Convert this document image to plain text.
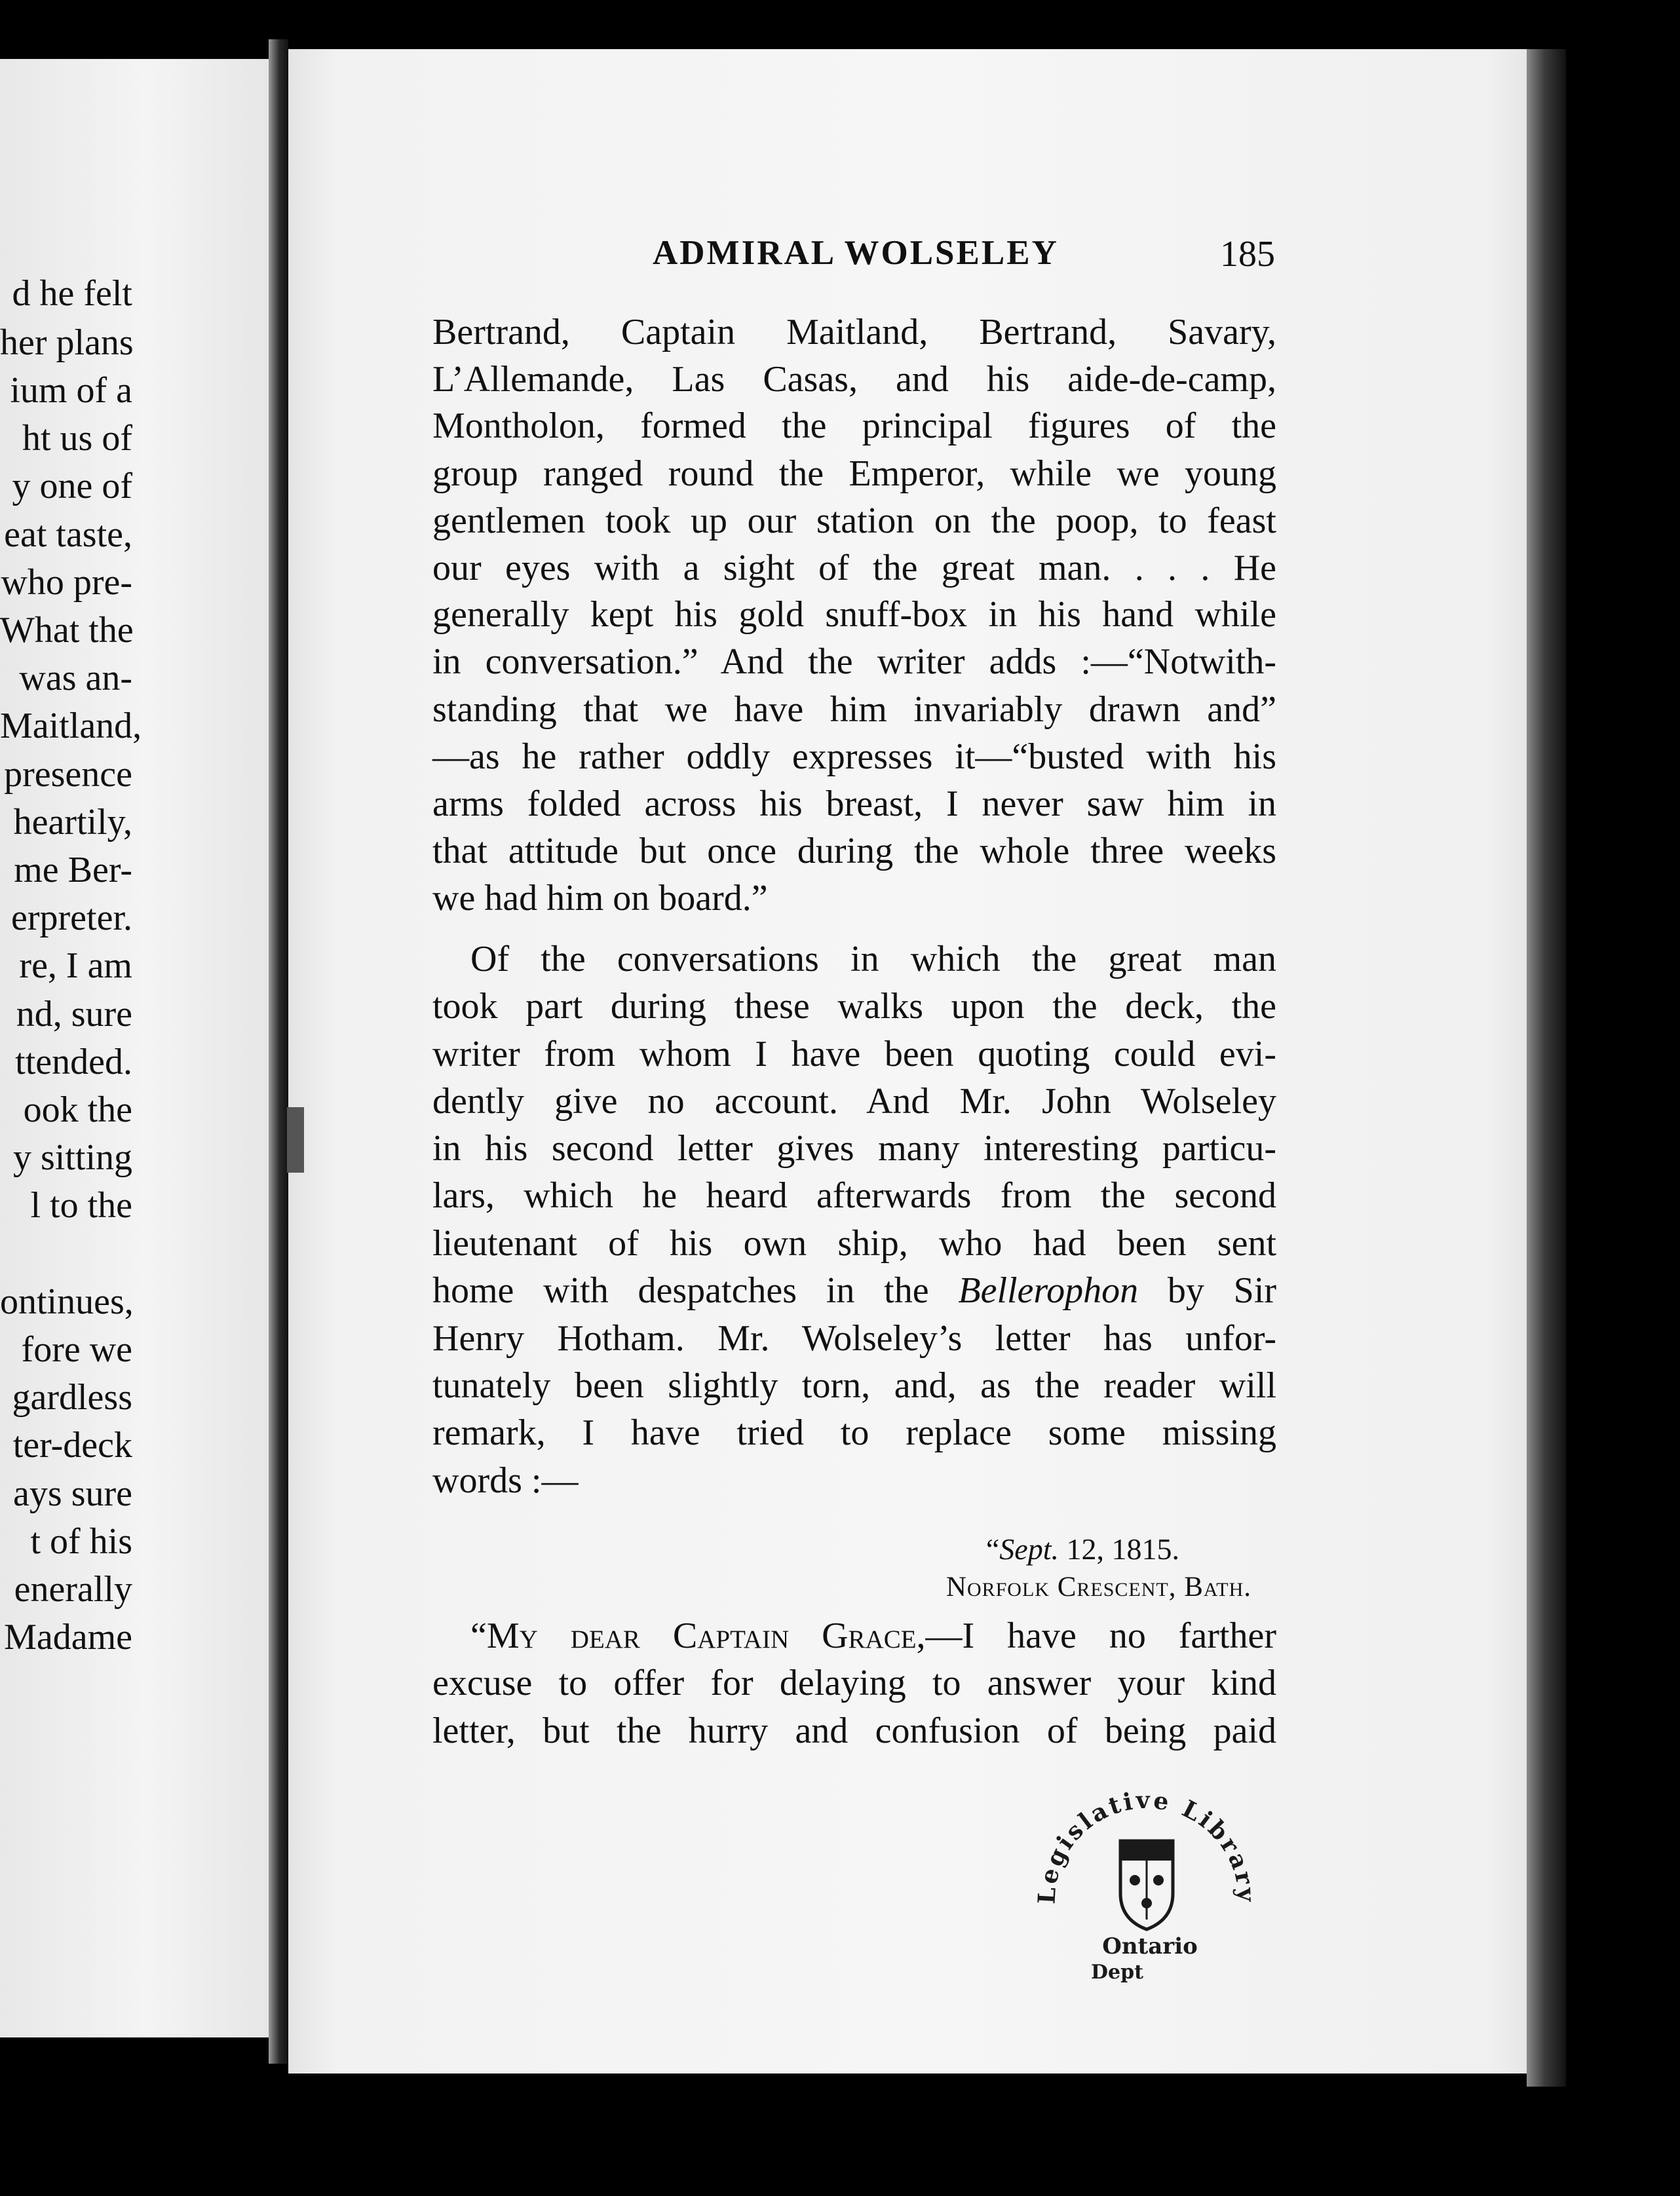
d he felt
her plans
ium of a
ht us of
y one of
eat taste,
who pre-
What the
was an-
Maitland,
presence
heartily,
me Ber-
erpreter.
re, I am
nd, sure
ttended.
ook the
y sitting
l to the
ontinues,
fore we
gardless
ter-deck
ays sure
t of his
enerally
Madame
ADMIRAL WOLSELEY	185
Bertrand, Captain Maitland, Bertrand, Savary,
L’Allemande, Las Casas, and his aide-de-camp,
Montholon, formed the principal figures of the
group ranged round the Emperor, while we young
gentlemen took up our station on the poop, to feast
our eyes with a sight of the great man. . . . He
generally kept his gold snuff-box in his hand while
in conversation.” And the writer adds :—“Notwith-
standing that we have him invariably drawn and”
—as he rather oddly expresses it—“busted with his
arms folded across his breast, I never saw him in
that attitude but once during the whole three weeks
we had him on board.”
Of the conversations in which the great man
took part during these walks upon the deck, the
writer from whom I have been quoting could evi-
dently give no account. And Mr. John Wolseley
in his second letter gives many interesting particu-
lars, which he heard afterwards from the second
lieutenant of his own ship, who had been sent
home with despatches in the Bellerophon by Sir
Henry Hotham. Mr. Wolseley’s letter has unfor-
tunately been slightly torn, and, as the reader will
remark, I have tried to replace some missing
words :—
“My dear Captain Grace,—I have no farther
excuse to offer for delaying to answer your kind
letter, but the hurry and confusion of being paid
“Sept. 12, 1815.
Norfolk Crescent, Bath.
Legislative Library
Ontario
Dept
